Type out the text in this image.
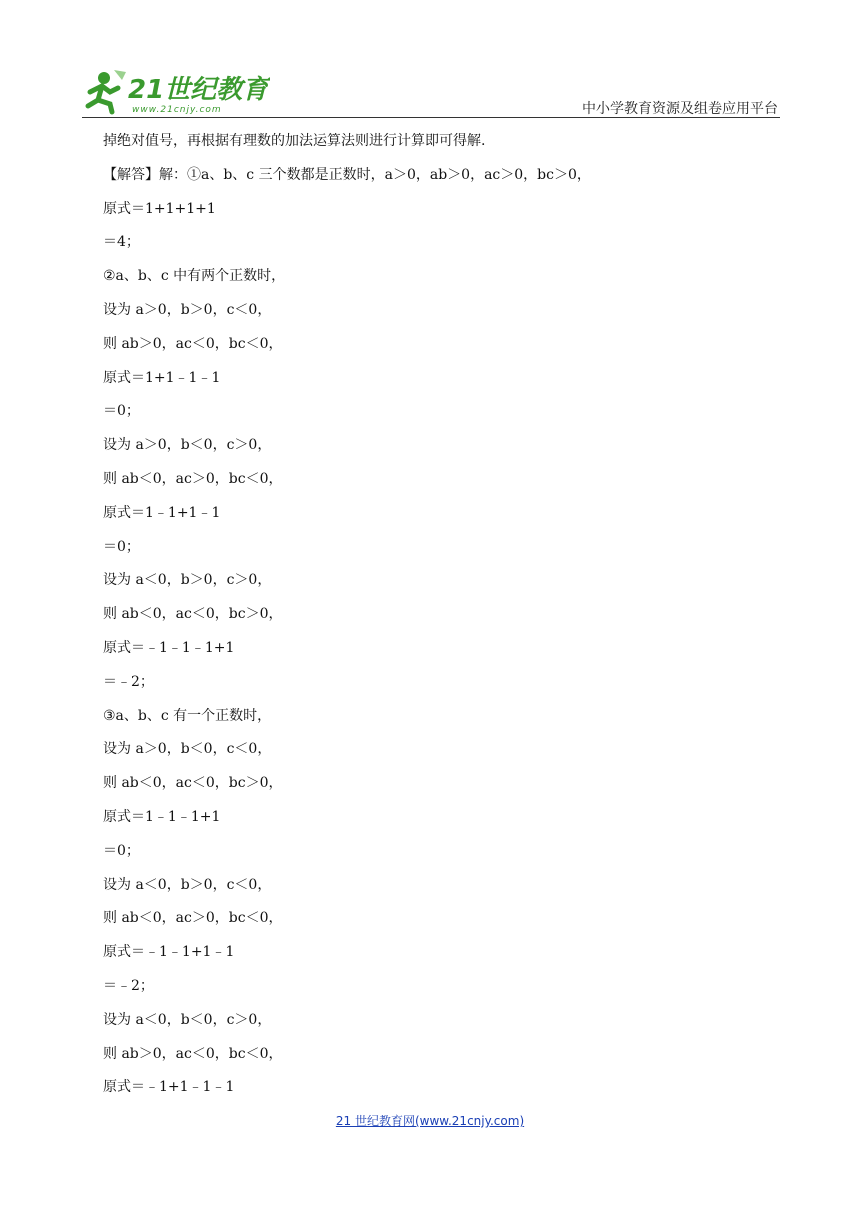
21世纪教育
www.21cnjy.com	中小学教育资源及组卷应用平台
掉绝对值号，再根据有理数的加法运算法则进行计算即可得解.
【解答】解：①a、b、c 三个数都是正数时，a＞0，ab＞0，ac＞0，bc＞0，
原式＝1+1+1+1
＝4；
②a、b、c 中有两个正数时，
设为 a＞0，b＞0，c＜0，
则 ab＞0，ac＜0，bc＜0，
原式＝1+1﹣1﹣1
＝0；
设为 a＞0，b＜0，c＞0，
则 ab＜0，ac＞0，bc＜0，
原式＝1﹣1+1﹣1
＝0；
设为 a＜0，b＞0，c＞0，
则 ab＜0，ac＜0，bc＞0，
原式＝﹣1﹣1﹣1+1
＝﹣2；
③a、b、c 有一个正数时，
设为 a＞0，b＜0，c＜0，
则 ab＜0，ac＜0，bc＞0，
原式＝1﹣1﹣1+1
＝0；
设为 a＜0，b＞0，c＜0，
则 ab＜0，ac＞0，bc＜0，
原式＝﹣1﹣1+1﹣1
＝﹣2；
设为 a＜0，b＜0，c＞0，
则 ab＞0，ac＜0，bc＜0，
原式＝﹣1+1﹣1﹣1
21 世纪教育网(www.21cnjy.com)
